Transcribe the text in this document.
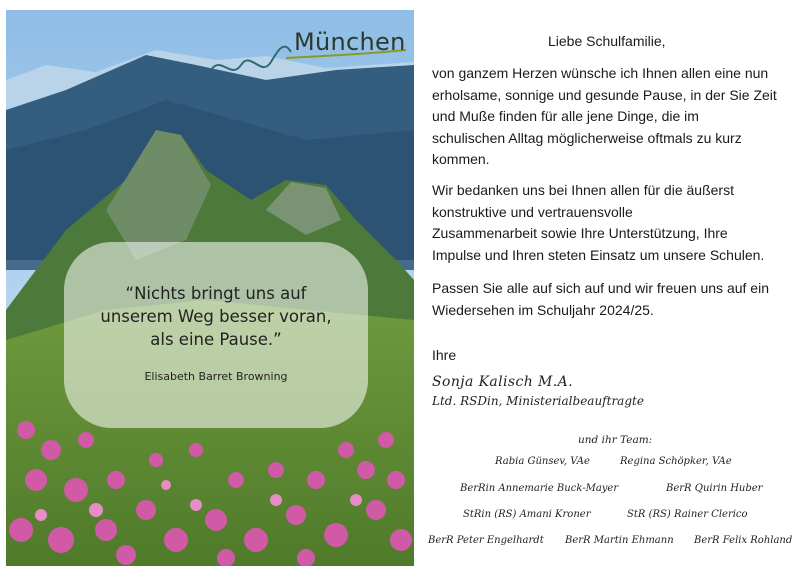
München
“Nichts bringt uns auf
unserem Weg besser voran,
als eine Pause.”
Elisabeth Barret Browning
Liebe Schulfamilie,
von ganzem Herzen wünsche ich Ihnen allen eine nun
erholsame, sonnige und gesunde Pause, in der Sie Zeit
und Muße finden für alle jene Dinge, die im
schulischen Alltag möglicherweise oftmals zu kurz
kommen.
Wir bedanken uns bei Ihnen allen für die äußerst
konstruktive und vertrauensvolle
Zusammenarbeit sowie Ihre Unterstützung, Ihre
Impulse und Ihren steten Einsatz um unsere Schulen.
Passen Sie alle auf sich auf und wir freuen uns auf ein
Wiedersehen im Schuljahr 2024/25.
Ihre
Sonja Kalisch M.A.
Ltd. RSDin, Ministerialbeauftragte
und ihr Team:
Rabia Günsev, VAe	Regina Schöpker, VAe
BerRin Annemarie Buck-Mayer	BerR Quirin Huber
StRin (RS) Amani Kroner	StR (RS) Rainer Clerico
BerR Peter Engelhardt BerR Martin Ehmann BerR Felix Rohland
